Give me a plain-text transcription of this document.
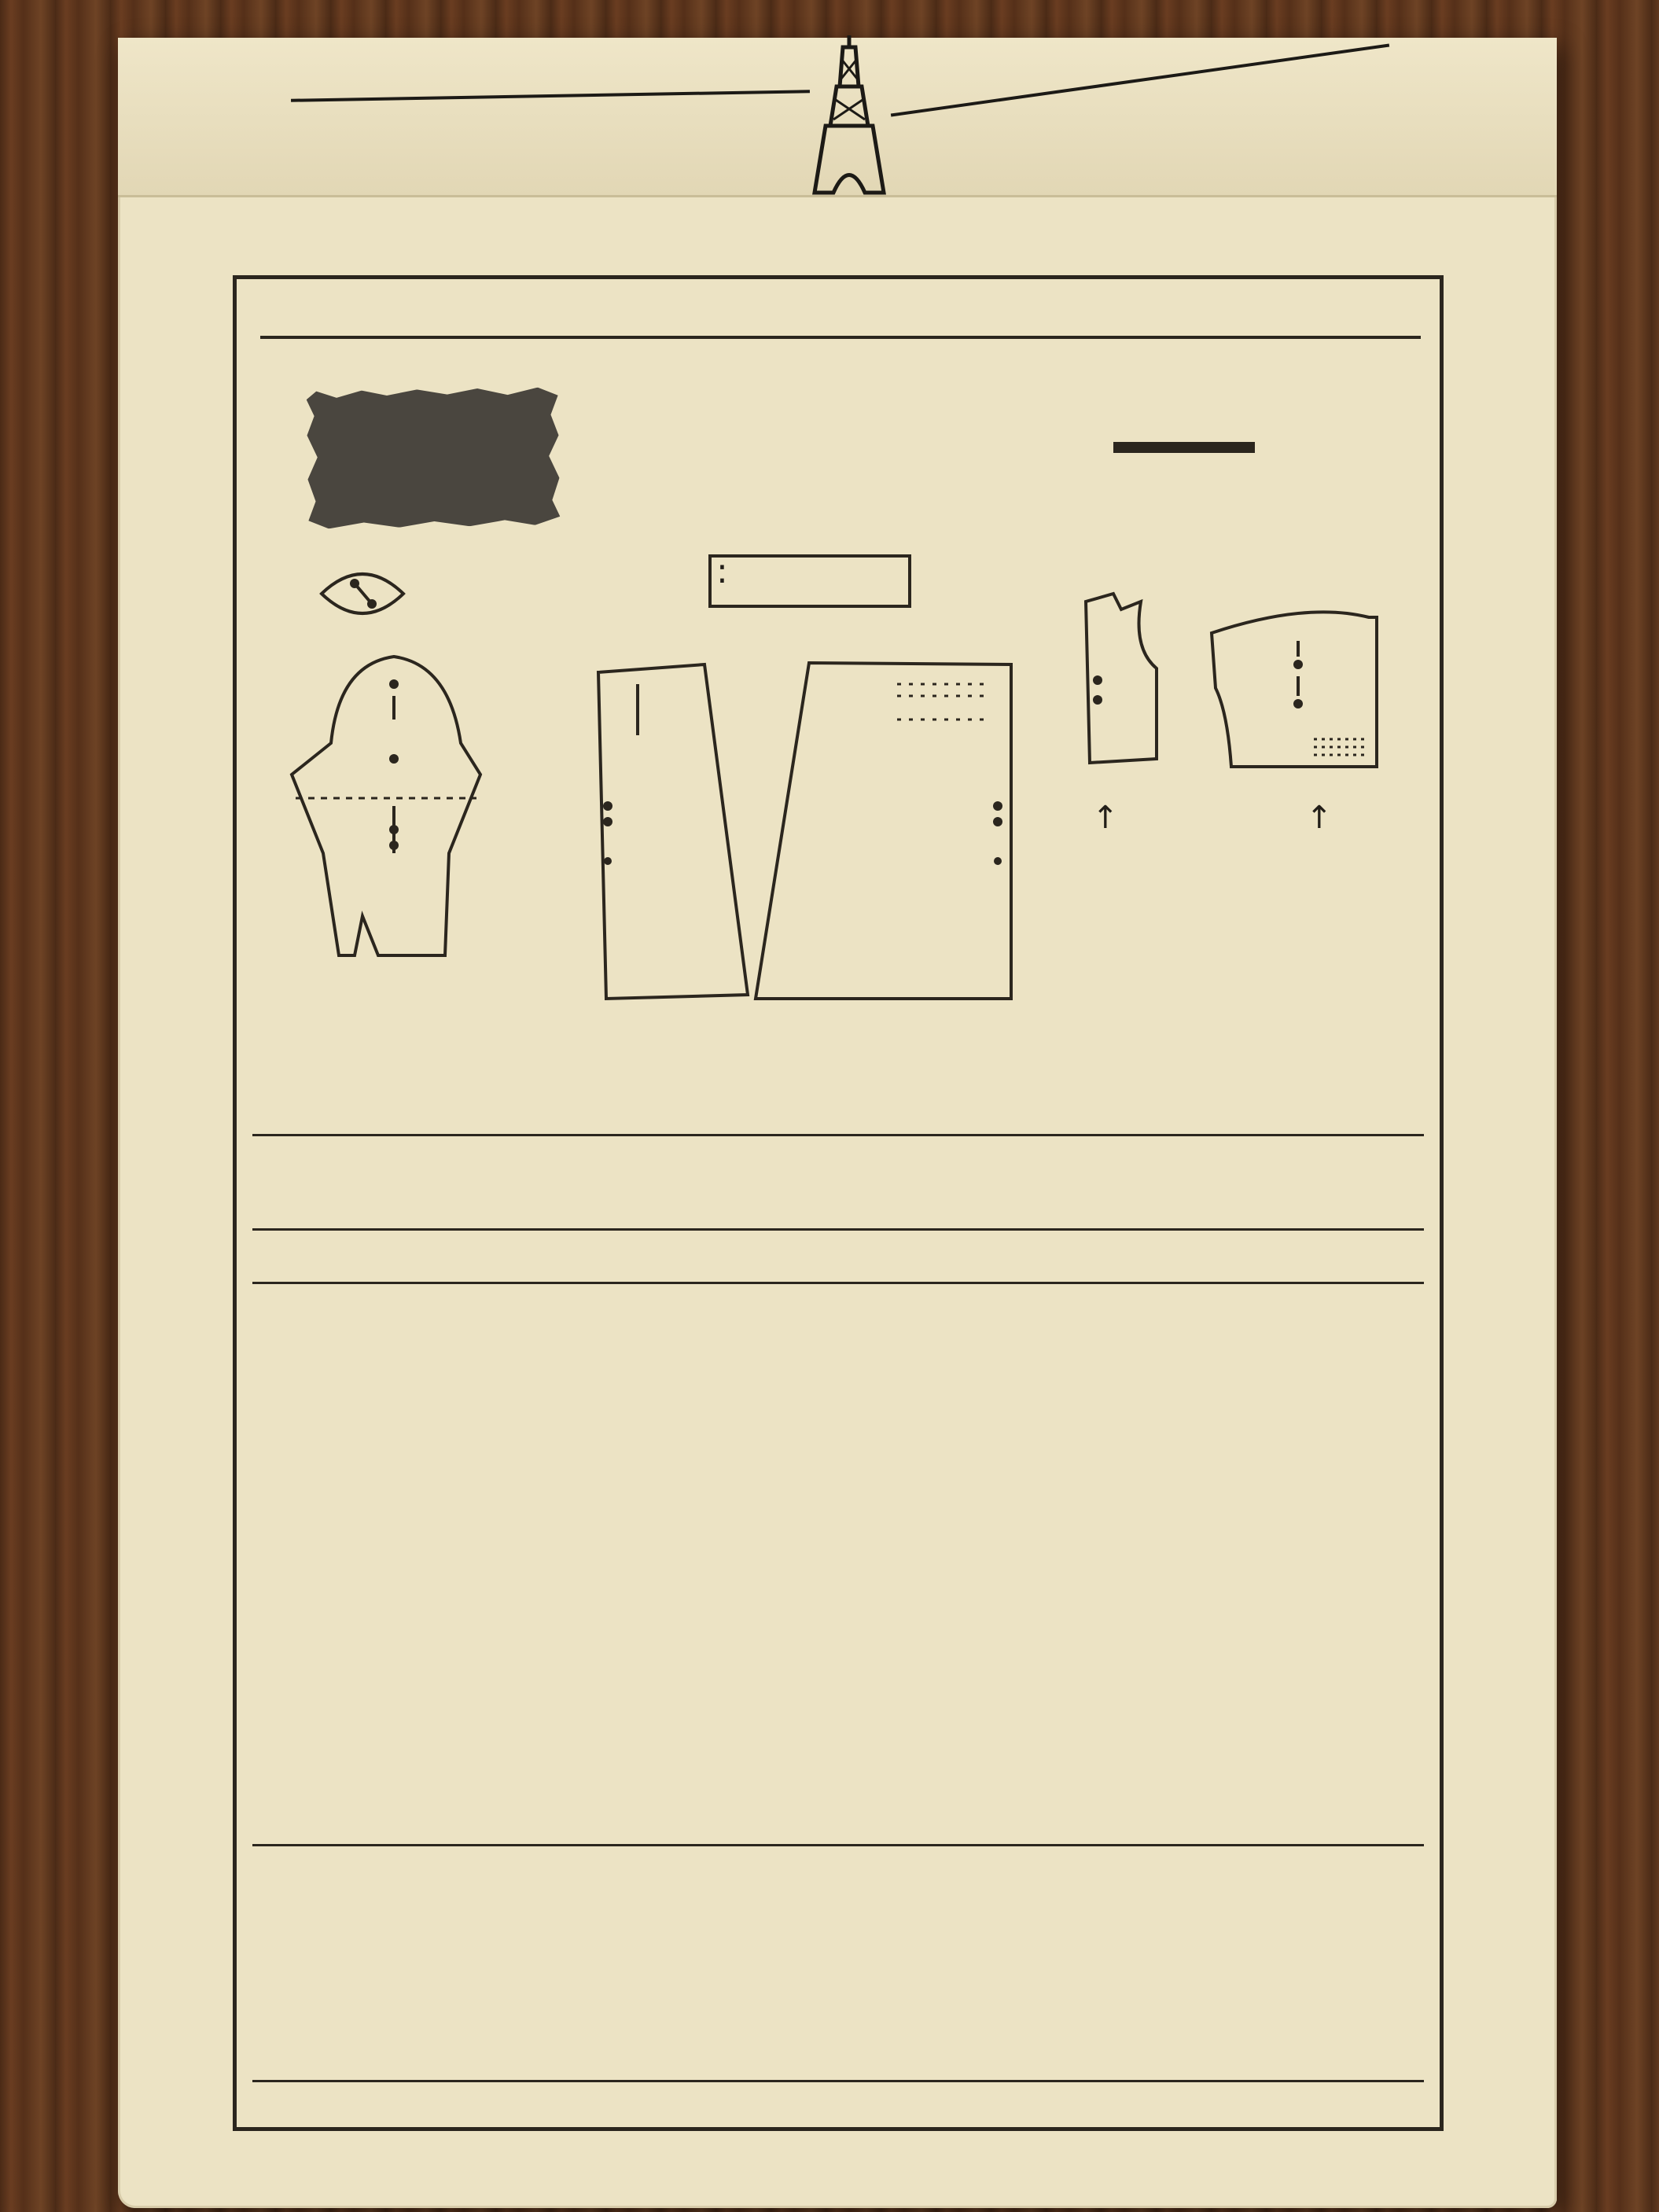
:
↑	↑
